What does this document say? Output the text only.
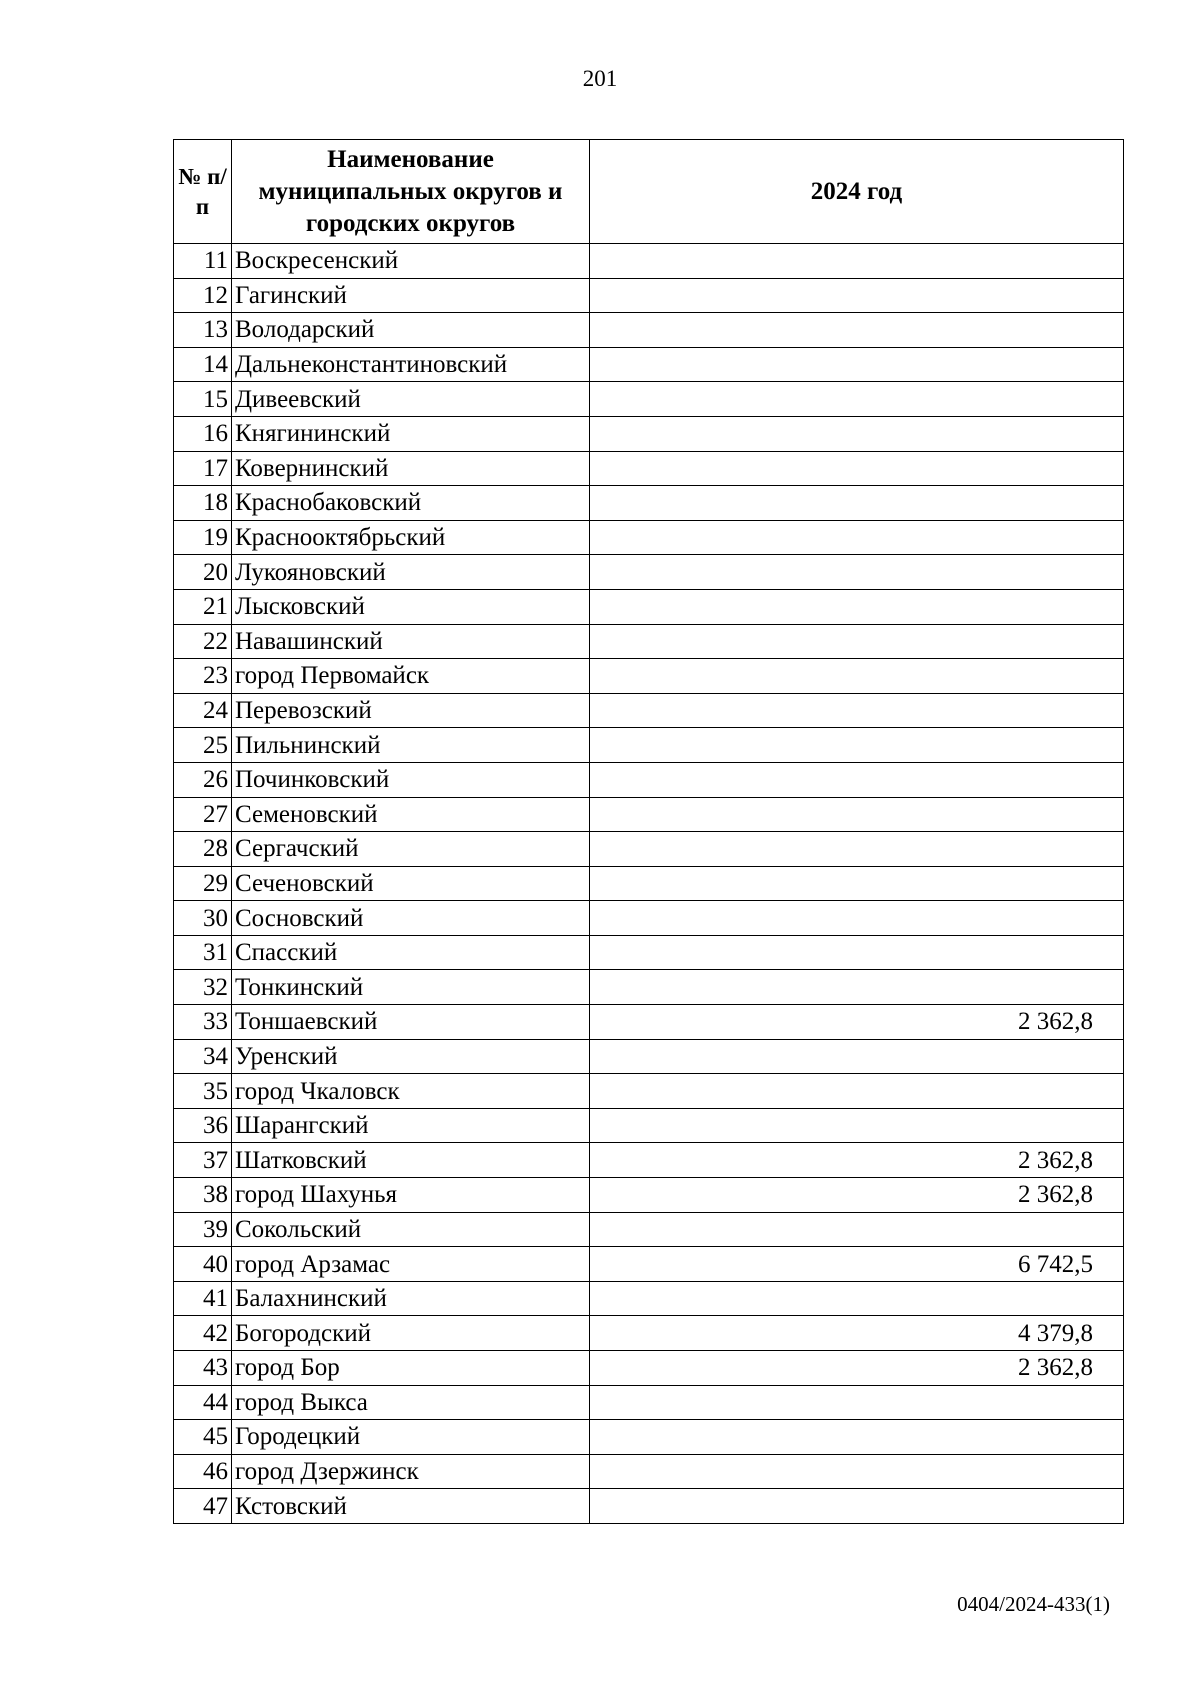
201
№ п/п	Наименование муниципальных округов и городских округов	2024 год
11	Воскресенский	
12	Гагинский	
13	Володарский	
14	Дальнеконстантиновский	
15	Дивеевский	
16	Княгининский	
17	Ковернинский	
18	Краснобаковский	
19	Краснооктябрьский	
20	Лукояновский	
21	Лысковский	
22	Навашинский	
23	город Первомайск	
24	Перевозский	
25	Пильнинский	
26	Починковский	
27	Семеновский	
28	Сергачский	
29	Сеченовский	
30	Сосновский	
31	Спасский	
32	Тонкинский	
33	Тоншаевский	2 362,8
34	Уренский	
35	город Чкаловск	
36	Шарангский	
37	Шатковский	2 362,8
38	город Шахунья	2 362,8
39	Сокольский	
40	город Арзамас	6 742,5
41	Балахнинский	
42	Богородский	4 379,8
43	город Бор	2 362,8
44	город Выкса	
45	Городецкий	
46	город Дзержинск	
47	Кстовский	
0404/2024-433(1)
